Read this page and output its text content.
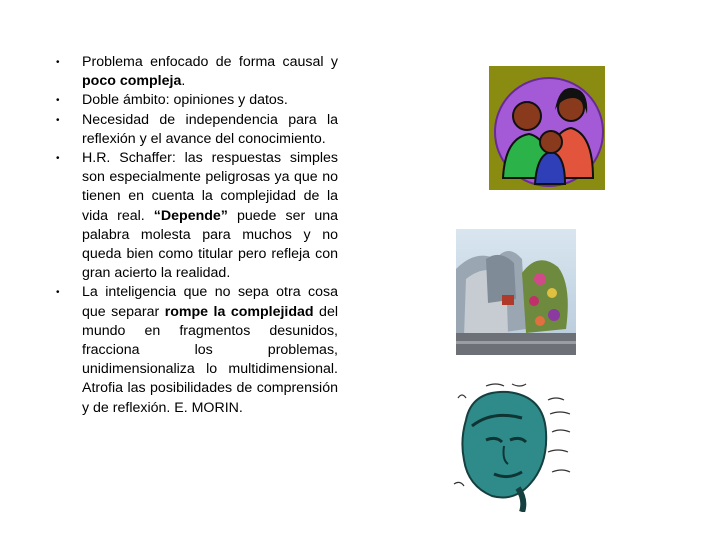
• Problema enfocado de forma causal y poco compleja.
• Doble ámbito: opiniones y datos.
• Necesidad de independencia para la reflexión y el avance del conocimiento.
• H.R. Schaffer: las respuestas simples son especialmente peligrosas ya que no tienen en cuenta la complejidad de la vida real. “Depende” puede ser una palabra molesta para muchos y no queda bien como titular pero refleja con gran acierto la realidad.
• La inteligencia que no sepa otra cosa que separar rompe la complejidad del mundo en fragmentos desunidos, fracciona los problemas, unidimensionaliza lo multidimensional. Atrofia las posibilidades de comprensión y de reflexión. E. MORIN.
